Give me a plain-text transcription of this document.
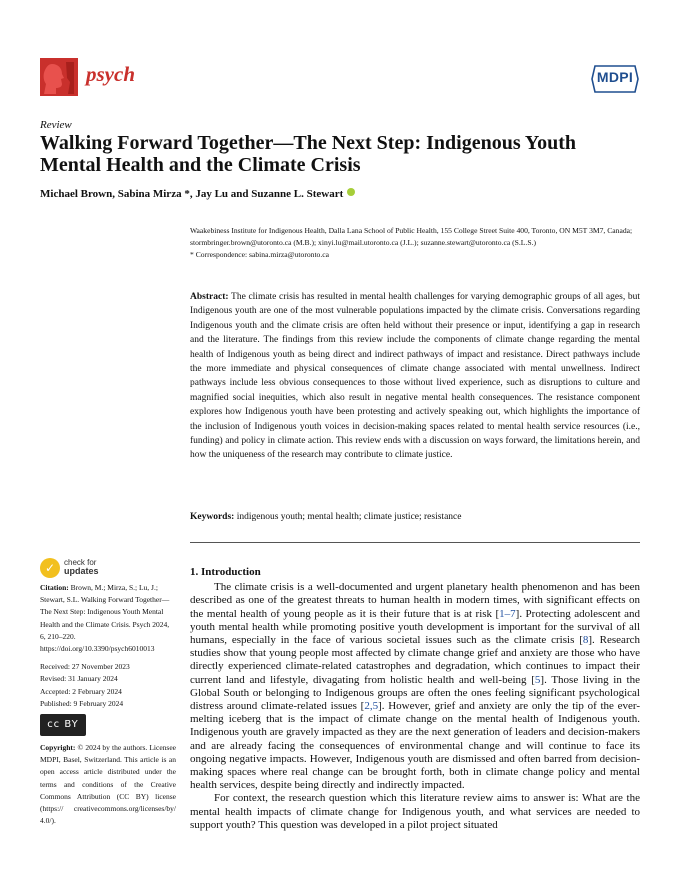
psych	MDPI
Review
Walking Forward Together—The Next Step: Indigenous Youth Mental Health and the Climate Crisis
Michael Brown, Sabina Mirza *, Jay Lu and Suzanne L. Stewart
Waakebiness Institute for Indigenous Health, Dalla Lana School of Public Health, 155 College Street Suite 400, Toronto, ON M5T 3M7, Canada; stormbringer.brown@utoronto.ca (M.B.); xinyi.lu@mail.utoronto.ca (J.L.); suzanne.stewart@utoronto.ca (S.L.S.)
* Correspondence: sabina.mirza@utoronto.ca
Abstract: The climate crisis has resulted in mental health challenges for varying demographic groups of all ages, but Indigenous youth are one of the most vulnerable populations impacted by the climate crisis. Conversations regarding Indigenous youth and the climate crisis are often held without their presence or input, identifying a gap in research and the literature. The findings from this review include the components of climate change regarding the mental health of Indigenous youth as being direct and indirect pathways of impact and resistance. Direct pathways include the more immediate and physical consequences of climate change associated with mental unwellness. Indirect pathways include less obvious consequences to those without lived experience, such as disruptions to culture and magnified social inequities, which also result in negative mental health consequences. The resistance component explores how Indigenous youth have been protesting and actively speaking out, which highlights the importance of the inclusion of Indigenous youth voices in decision-making spaces related to mental health service resources (i.e., funding) and policy in climate action. This review ends with a discussion on ways forward, the limitations herein, and how the uniqueness of the research may contribute to climate justice.
Keywords: indigenous youth; mental health; climate justice; resistance
✓	check for
updates
Citation: Brown, M.; Mirza, S.; Lu, J.; Stewart, S.L. Walking Forward Together—The Next Step: Indigenous Youth Mental Health and the Climate Crisis. Psych 2024, 6, 210–220. https://doi.org/10.3390/psych6010013
Received: 27 November 2023
Revised: 31 January 2024
Accepted: 2 February 2024
Published: 9 February 2024
cc BY
Copyright: © 2024 by the authors. Licensee MDPI, Basel, Switzerland. This article is an open access article distributed under the terms and conditions of the Creative Commons Attribution (CC BY) license (https:// creativecommons.org/licenses/by/ 4.0/).
1. Introduction

The climate crisis is a well-documented and urgent planetary health phenomenon and has been described as one of the greatest threats to human health in modern times, with significant effects on the mental health of young people as it is their future that is at risk [1–7]. Protecting adolescent and youth mental health while promoting positive youth development is important for the survival of all humans, especially in the face of various societal issues such as the climate crisis [8]. Research studies show that young people most affected by climate change grief and anxiety are those who have directly experienced climate-related catastrophes and degradation, which continues to impact their current land and lifestyle, divagating from holistic health and well-being [5]. Those living in the Global South or belonging to Indigenous groups are often the ones feeling significant psychological distress around climate-related issues [2,5]. However, grief and anxiety are only the tip of the ever-melting iceberg that is the impact of climate change on the mental health of Indigenous youth. Indigenous youth are gravely impacted as they are the next generation of leaders and decision-makers and are already facing the consequences of environmental change and will continue to face its ongoing negative impacts. However, Indigenous youth are dismissed and often barred from decision-making spaces where real change can be brought forth, both in climate change policy and mental health services, despite being directly and indirectly impacted.

For context, the research question which this literature review aims to answer is: What are the mental health impacts of climate change for Indigenous youth, and what services are needed to support youth? This question was developed in a pilot project situated
